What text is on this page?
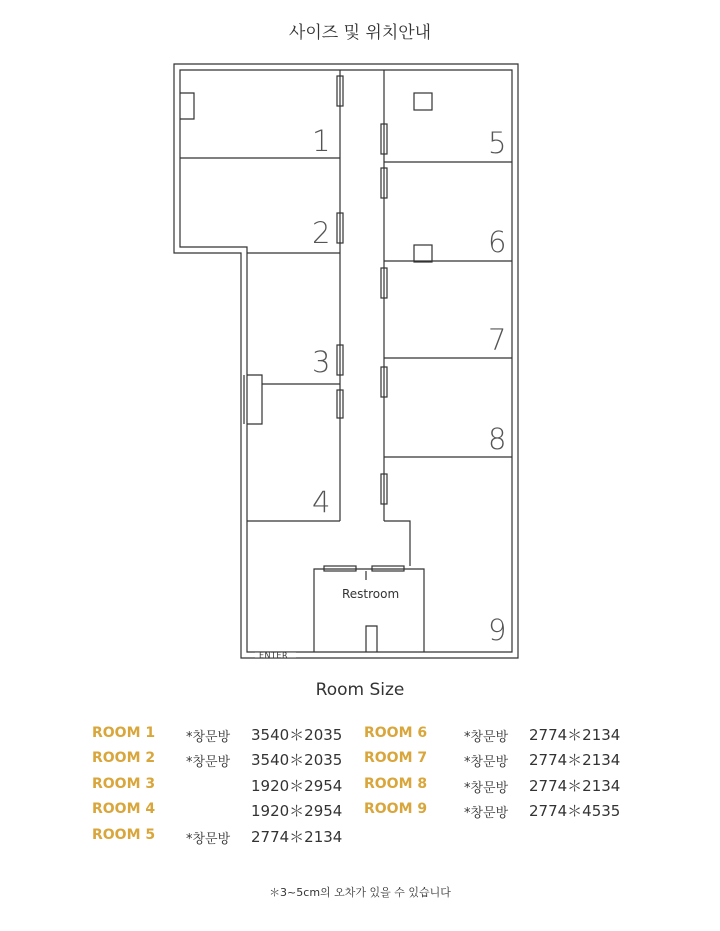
사이즈 및 위치안내
1
2
3
4
5
6
7
8
9
Restroom
ENTER
Room Size
ROOM 1 *창문방 3540＊2035
ROOM 2 *창문방 3540＊2035
ROOM 3	1920＊2954
ROOM 4	1920＊2954
ROOM 5 *창문방 2774＊2134
ROOM 6	*창문방 2774＊2134
ROOM 7	*창문방 2774＊2134
ROOM 8	*창문방 2774＊2134
ROOM 9	*창문방 2774＊4535
＊3~5cm의 오차가 있을 수 있습니다
